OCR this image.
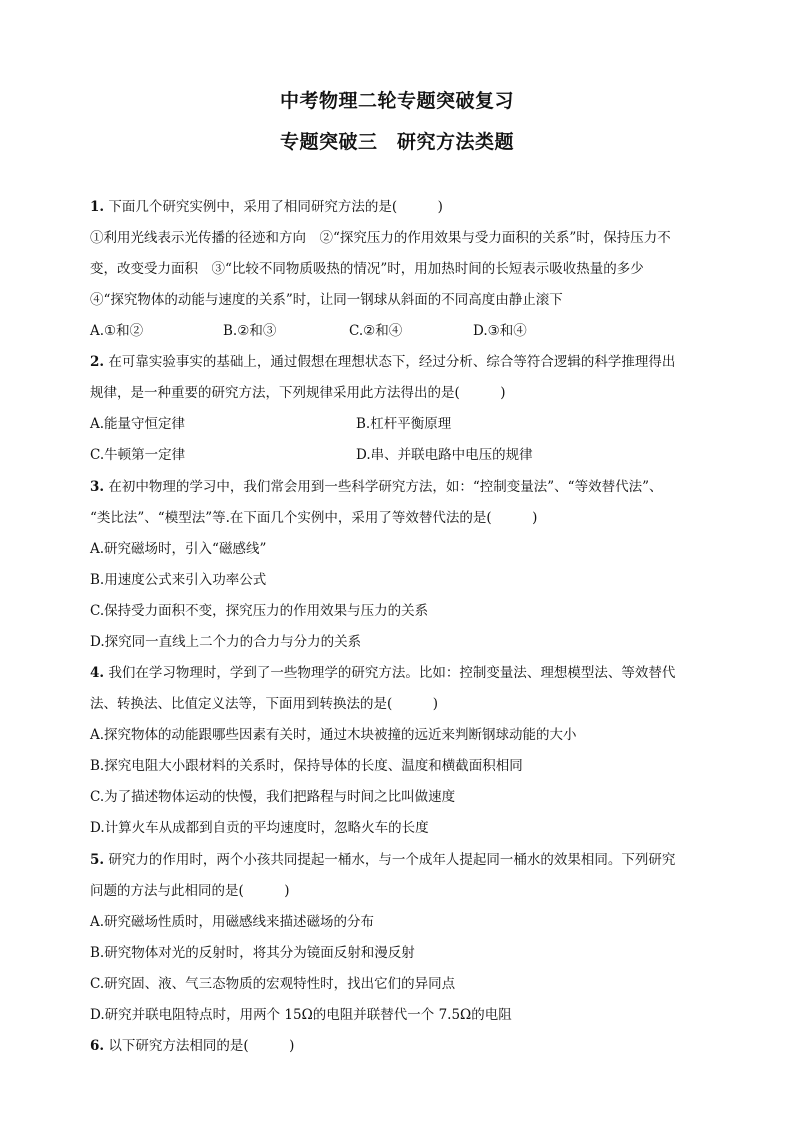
中考物理二轮专题突破复习
专题突破三　研究方法类题
1. 下面几个研究实例中，采用了相同研究方法的是(　　　)
①利用光线表示光传播的径迹和方向　②“探究压力的作用效果与受力面积的关系”时，保持压力不
变，改变受力面积　③“比较不同物质吸热的情况”时，用加热时间的长短表示吸收热量的多少
④“探究物体的动能与速度的关系”时，让同一钢球从斜面的不同高度由静止滚下
A.①和②	B.②和③	C.②和④	D.③和④
2. 在可靠实验事实的基础上，通过假想在理想状态下，经过分析、综合等符合逻辑的科学推理得出
规律，是一种重要的研究方法，下列规律采用此方法得出的是(　　　)
A.能量守恒定律	B.杠杆平衡原理
C.牛顿第一定律	D.串、并联电路中电压的规律
3. 在初中物理的学习中，我们常会用到一些科学研究方法，如：“控制变量法”、“等效替代法”、
“类比法”、“模型法”等.在下面几个实例中，采用了等效替代法的是(　　　)
A.研究磁场时，引入“磁感线”
B.用速度公式来引入功率公式
C.保持受力面积不变，探究压力的作用效果与压力的关系
D.探究同一直线上二个力的合力与分力的关系
4. 我们在学习物理时，学到了一些物理学的研究方法。比如：控制变量法、理想模型法、等效替代
法、转换法、比值定义法等，下面用到转换法的是(　　　)
A.探究物体的动能跟哪些因素有关时，通过木块被撞的远近来判断钢球动能的大小
B.探究电阻大小跟材料的关系时，保持导体的长度、温度和横截面积相同
C.为了描述物体运动的快慢，我们把路程与时间之比叫做速度
D.计算火车从成都到自贡的平均速度时，忽略火车的长度
5. 研究力的作用时，两个小孩共同提起一桶水，与一个成年人提起同一桶水的效果相同。下列研究
问题的方法与此相同的是(　　　)
A.研究磁场性质时，用磁感线来描述磁场的分布
B.研究物体对光的反射时，将其分为镜面反射和漫反射
C.研究固、液、气三态物质的宏观特性时，找出它们的异同点
D.研究并联电阻特点时，用两个 15Ω的电阻并联替代一个 7.5Ω的电阻
6. 以下研究方法相同的是(　　　)
